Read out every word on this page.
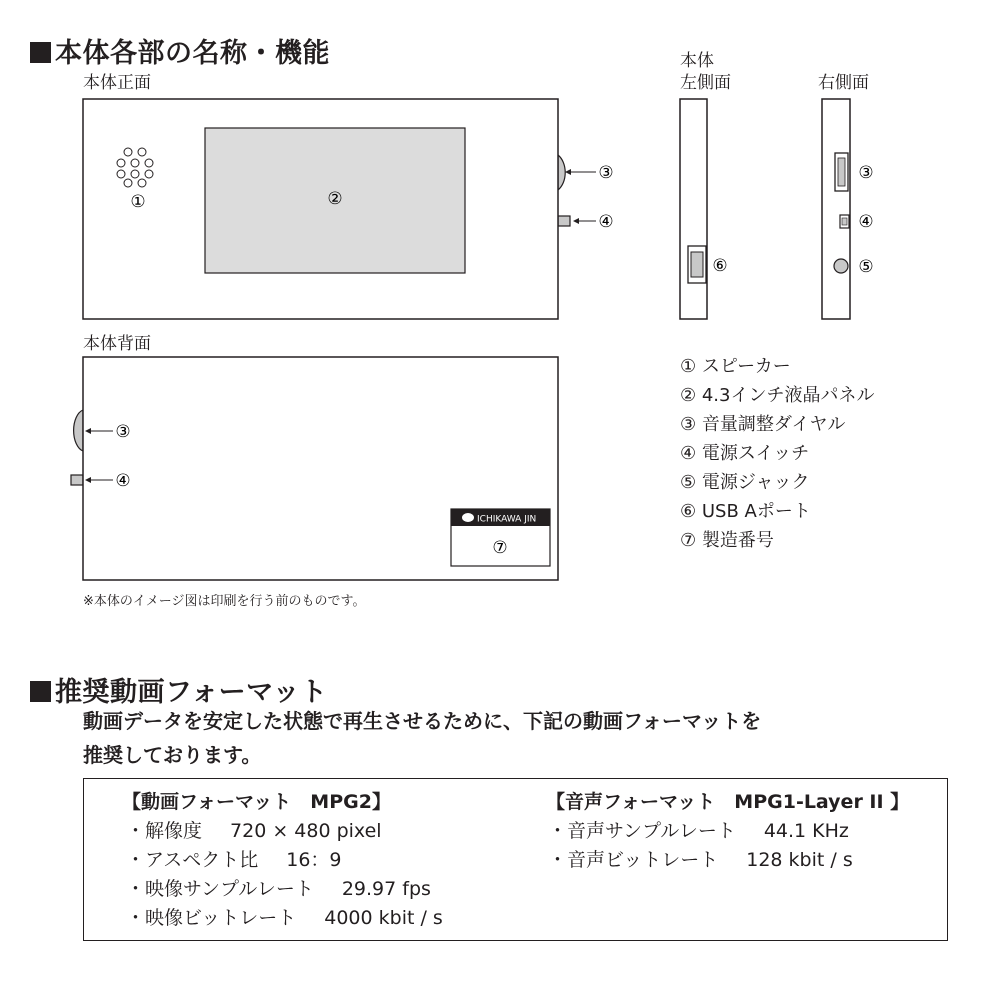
本体各部の名称・機能
本体正面
本体
左側面	右側面
本体背面
①	②
③
④
⑥
③
④
⑤
③
④
ICHIKAWA JIN
⑦
① スピーカー
② 4.3インチ液晶パネル
③ 音量調整ダイヤル
④ 電源スイッチ
⑤ 電源ジャック
⑥ USB Aポート
⑦ 製造番号
※本体のイメージ図は印刷を行う前のものです。
推奨動画フォーマット
動画データを安定した状態で再生させるために、下記の動画フォーマットを
推奨しております。
【動画フォーマット　MPG2】
・解像度 720 × 480 pixel
・アスペクト比 16：9
・映像サンプルレート 29.97 fps
・映像ビットレート 4000 kbit / s
【音声フォーマット　MPG1-Layer II 】
・音声サンプルレート 44.1 KHz
・音声ビットレート 128 kbit / s
